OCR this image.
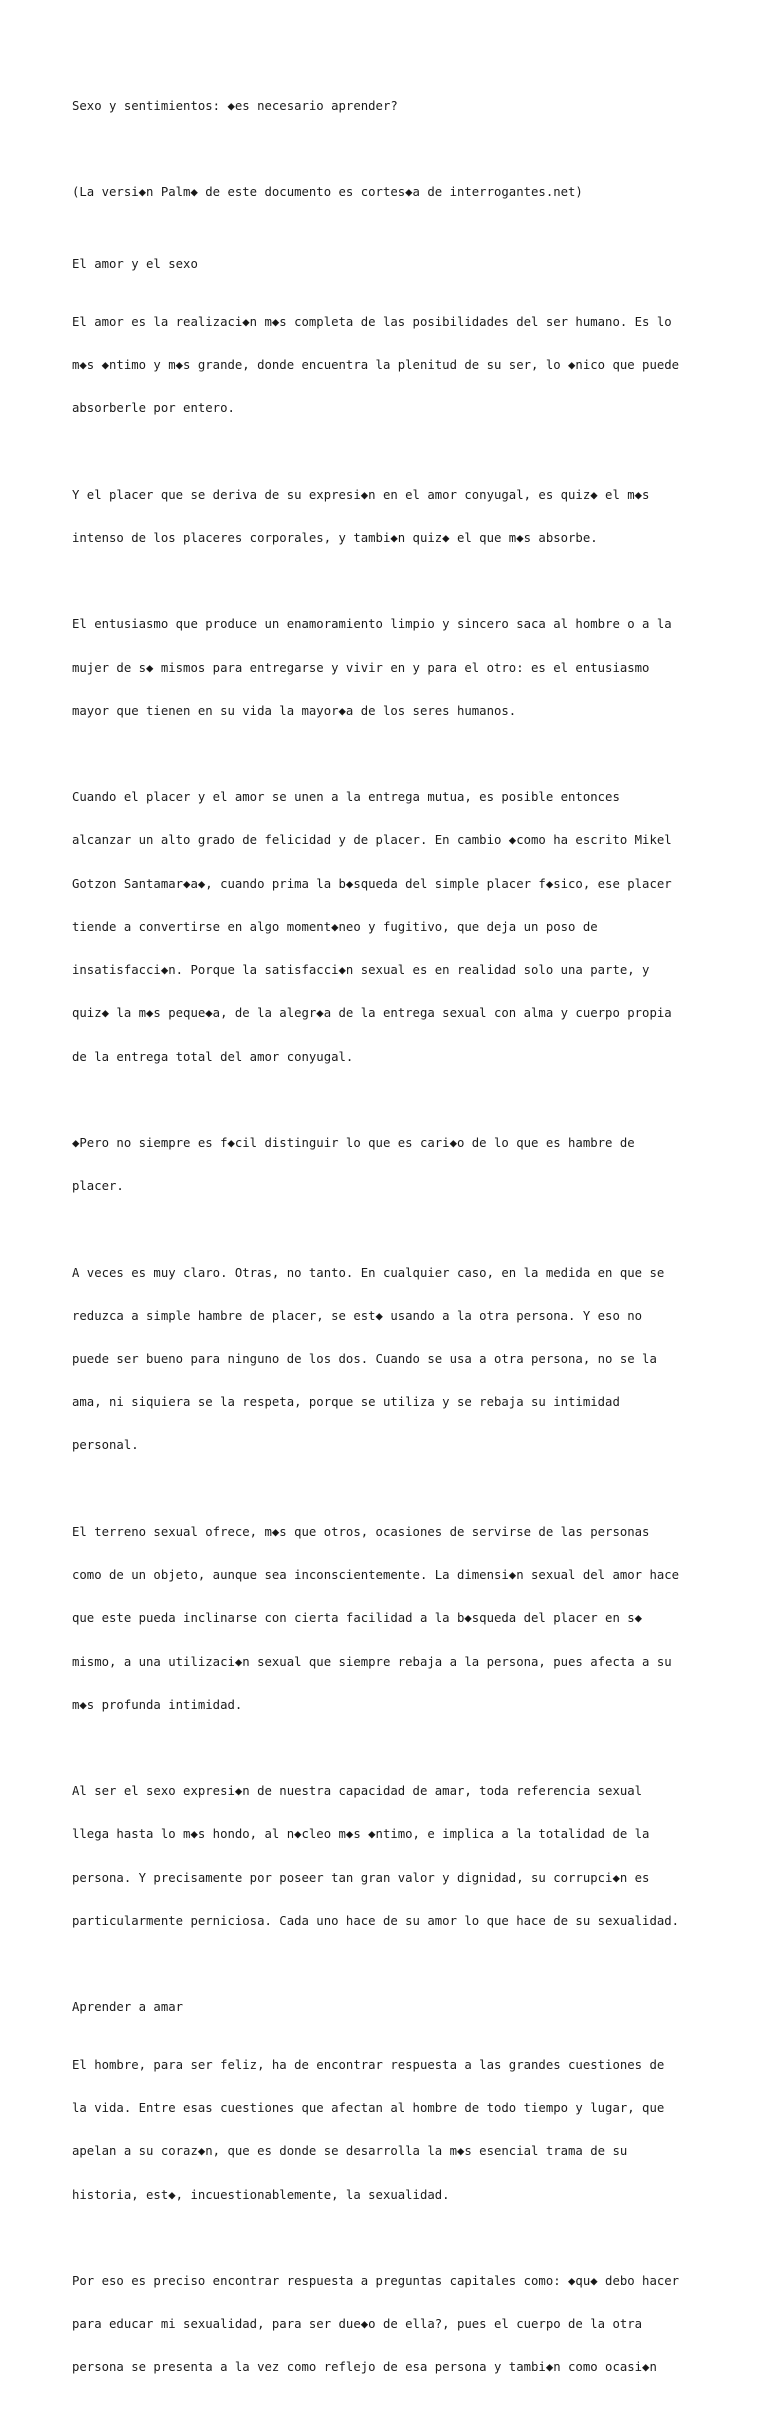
Sexo y sentimientos: ◆es necesario aprender?

(La versi◆n Palm◆ de este documento es cortes◆a de interrogantes.net)

El amor y el sexo

El amor es la realizaci◆n m◆s completa de las posibilidades del ser humano. Es lo

m◆s ◆ntimo y m◆s grande, donde encuentra la plenitud de su ser, lo ◆nico que puede

absorberle por entero.

Y el placer que se deriva de su expresi◆n en el amor conyugal, es quiz◆ el m◆s

intenso de los placeres corporales, y tambi◆n quiz◆ el que m◆s absorbe.

El entusiasmo que produce un enamoramiento limpio y sincero saca al hombre o a la

mujer de s◆ mismos para entregarse y vivir en y para el otro: es el entusiasmo

mayor que tienen en su vida la mayor◆a de los seres humanos.

Cuando el placer y el amor se unen a la entrega mutua, es posible entonces

alcanzar un alto grado de felicidad y de placer. En cambio ◆como ha escrito Mikel

Gotzon Santamar◆a◆, cuando prima la b◆squeda del simple placer f◆sico, ese placer

tiende a convertirse en algo moment◆neo y fugitivo, que deja un poso de

insatisfacci◆n. Porque la satisfacci◆n sexual es en realidad solo una parte, y

quiz◆ la m◆s peque◆a, de la alegr◆a de la entrega sexual con alma y cuerpo propia

de la entrega total del amor conyugal.

◆Pero no siempre es f◆cil distinguir lo que es cari◆o de lo que es hambre de

placer.

A veces es muy claro. Otras, no tanto. En cualquier caso, en la medida en que se

reduzca a simple hambre de placer, se est◆ usando a la otra persona. Y eso no

puede ser bueno para ninguno de los dos. Cuando se usa a otra persona, no se la

ama, ni siquiera se la respeta, porque se utiliza y se rebaja su intimidad

personal.

El terreno sexual ofrece, m◆s que otros, ocasiones de servirse de las personas

como de un objeto, aunque sea inconscientemente. La dimensi◆n sexual del amor hace

que este pueda inclinarse con cierta facilidad a la b◆squeda del placer en s◆

mismo, a una utilizaci◆n sexual que siempre rebaja a la persona, pues afecta a su

m◆s profunda intimidad.

Al ser el sexo expresi◆n de nuestra capacidad de amar, toda referencia sexual

llega hasta lo m◆s hondo, al n◆cleo m◆s ◆ntimo, e implica a la totalidad de la

persona. Y precisamente por poseer tan gran valor y dignidad, su corrupci◆n es

particularmente perniciosa. Cada uno hace de su amor lo que hace de su sexualidad.

Aprender a amar

El hombre, para ser feliz, ha de encontrar respuesta a las grandes cuestiones de

la vida. Entre esas cuestiones que afectan al hombre de todo tiempo y lugar, que

apelan a su coraz◆n, que es donde se desarrolla la m◆s esencial trama de su

historia, est◆, incuestionablemente, la sexualidad.

Por eso es preciso encontrar respuesta a preguntas capitales como: ◆qu◆ debo hacer

para educar mi sexualidad, para ser due◆o de ella?, pues el cuerpo de la otra

persona se presenta a la vez como reflejo de esa persona y tambi◆n como ocasi◆n
